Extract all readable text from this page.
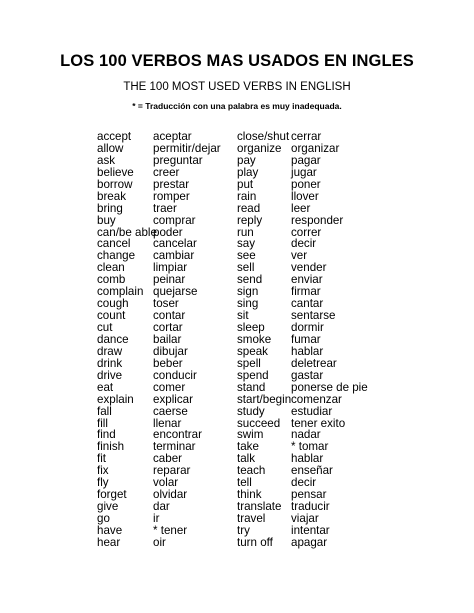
LOS 100 VERBOS MAS USADOS EN INGLES
THE 100 MOST USED VERBS IN ENGLISH
* = Traducción con una palabra es muy inadequada.
accept
allow
ask
believe
borrow
break
bring
buy
can/be able
cancel
change
clean
comb
complain
cough
count
cut
dance
draw
drink
drive
eat
explain
fall
fill
find
finish
fit
fix
fly
forget
give
go
have
hear
aceptar
permitir/dejar
preguntar
creer
prestar
romper
traer
comprar
poder
cancelar
cambiar
limpiar
peinar
quejarse
toser
contar
cortar
bailar
dibujar
beber
conducir
comer
explicar
caerse
llenar
encontrar
terminar
caber
reparar
volar
olvidar
dar
ir
* tener
oir
close/shut
organize
pay
play
put
rain
read
reply
run
say
see
sell
send
sign
sing
sit
sleep
smoke
speak
spell
spend
stand
start/begin
study
succeed
swim
take
talk
teach
tell
think
translate
travel
try
turn off
cerrar
organizar
pagar
jugar
poner
llover
leer
responder
correr
decir
ver
vender
enviar
firmar
cantar
sentarse
dormir
fumar
hablar
deletrear
gastar
ponerse de pie
comenzar
estudiar
tener exito
nadar
* tomar
hablar
enseñar
decir
pensar
traducir
viajar
intentar
apagar
